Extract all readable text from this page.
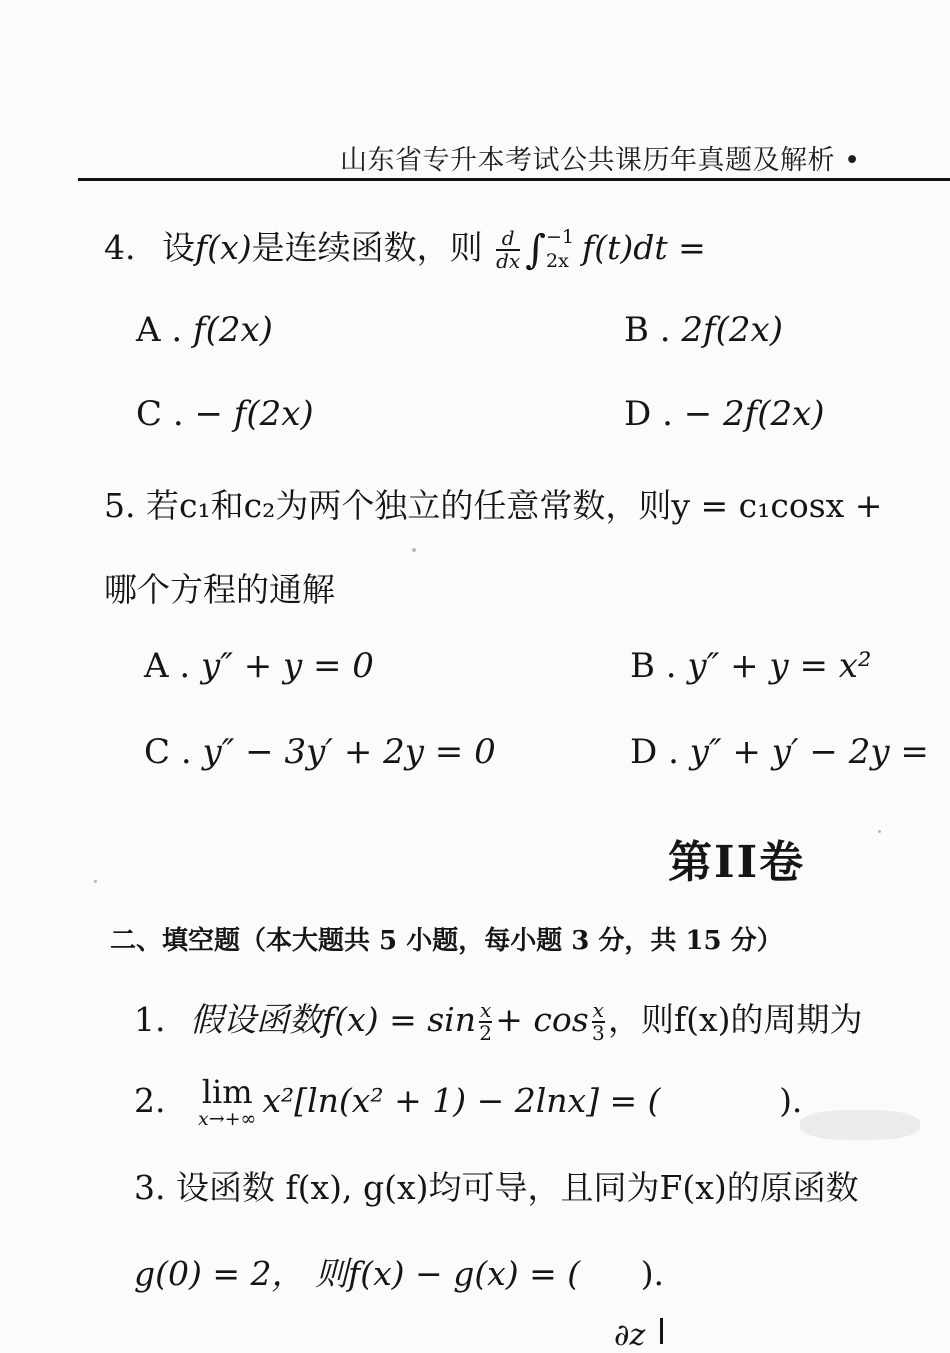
山东省专升本考试公共课历年真题及解析 •
4. 设f(x)是连续函数，则 $\frac{d}{dx}$ ∫ −1
2x f(t)dt =
A . f(2x)	B . 2f(2x)
C . − f(2x)	D . − 2f(2x)
5. 若c₁和c₂为两个独立的任意常数，则y = c₁cosx +
哪个方程的通解
A . y″ + y = 0	B . y″ + y = x²
C . y″ − 3y′ + 2y = 0	D . y″ + y′ − 2y =
第II卷
二、填空题（本大题共 5 小题，每小题 3 分，共 15 分）
1. 假设函数$f(x) = \sin \frac{x}{2} + \cos \frac{x}{3}$ ，则f(x)的周期为
2. lim
x→+∞ x²[ln(x² + 1) − 2lnx] = (	).
3. 设函数 f(x), g(x)均可导，且同为F(x)的原函数
g(0) = 2， 则f(x) − g(x) = ( ).
∂z
